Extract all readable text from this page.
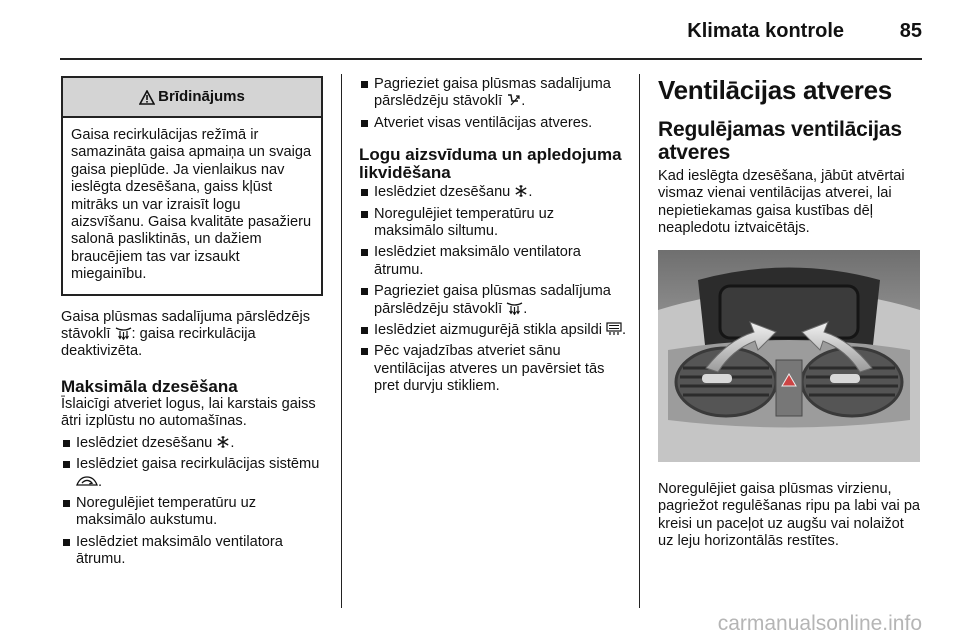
Klimata kontrole	85
Brīdinājums

Gaisa recirkulācijas režīmā ir samazināta gaisa apmaiņa un svaiga gaisa pieplūde. Ja vienlaikus nav ieslēgta dzesēšana, gaiss kļūst mitrāks un var izraisīt logu aizsvīšanu. Gaisa kvalitāte pasažieru salonā pasliktinās, un dažiem braucējiem tas var izsaukt miegainību.

Gaisa plūsmas sadalījuma pārslēdzējs stāvoklī : gaisa recirkulācija deaktivizēta.

Maksimāla dzesēšana

Īslaicīgi atveriet logus, lai karstais gaiss ātri izplūstu no automašīnas.

Ieslēdziet dzesēšanu .
Ieslēdziet gaisa recirkulācijas sistēmu .
Noregulējiet temperatūru uz maksimālo aukstumu.
Ieslēdziet maksimālo ventilatora ātrumu.
Pagrieziet gaisa plūsmas sadalījuma pārslēdzēju stāvoklī .
Atveriet visas ventilācijas atveres.

Logu aizsvīduma un apledojuma likvidēšana

Ieslēdziet dzesēšanu .
Noregulējiet temperatūru uz maksimālo siltumu.
Ieslēdziet maksimālo ventilatora ātrumu.
Pagrieziet gaisa plūsmas sadalījuma pārslēdzēju stāvoklī .
Ieslēdziet aizmugurējā stikla apsildi .
Pēc vajadzības atveriet sānu ventilācijas atveres un pavērsiet tās pret durvju stikliem.

Ventilācijas atveres

Regulējamas ventilācijas atveres

Kad ieslēgta dzesēšana, jābūt atvērtai vismaz vienai ventilācijas atverei, lai nepietiekamas gaisa kustības dēļ neapledotu iztvaicētājs.

Noregulējiet gaisa plūsmas virzienu, pagriežot regulēšanas ripu pa labi vai pa kreisi un paceļot uz augšu vai nolaižot uz leju horizontālās restītes.

carmanualsonline.info
